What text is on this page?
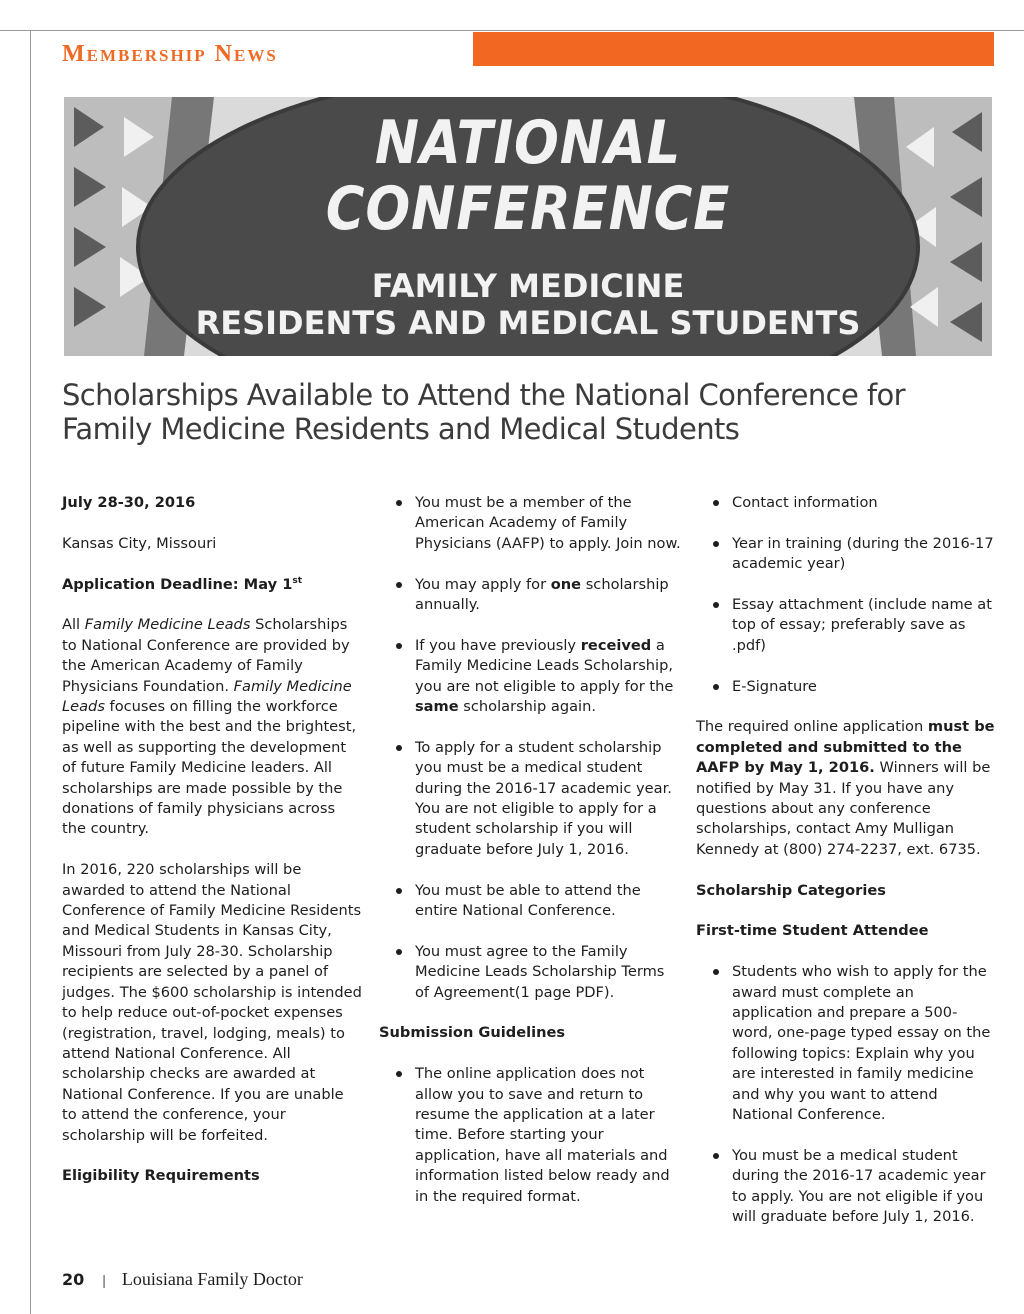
Membership News
NATIONAL
CONFERENCE
FAMILY MEDICINE
RESIDENTS AND MEDICAL STUDENTS
Scholarships Available to Attend the National Conference for Family Medicine Residents and Medical Students

July 28-30, 2016

Kansas City, Missouri

Application Deadline: May 1st

All Family Medicine Leads Scholarships to National Conference are provided by the American Academy of Family Physicians Foundation. Family Medicine Leads focuses on filling the workforce pipeline with the best and the brightest, as well as supporting the development of future Family Medicine leaders. All scholarships are made possible by the donations of family physicians across the country.

In 2016, 220 scholarships will be awarded to attend the National Conference of Family Medicine Residents and Medical Students in Kansas City, Missouri from July 28-30. Scholarship recipients are selected by a panel of judges. The $600 scholarship is intended to help reduce out-of-pocket expenses (registration, travel, lodging, meals) to attend National Conference. All scholarship checks are awarded at National Conference. If you are unable to attend the conference, your scholarship will be forfeited.

Eligibility Requirements

You must be a member of the American Academy of Family Physicians (AAFP) to apply. Join now.
You may apply for one scholarship annually.
If you have previously received a Family Medicine Leads Scholarship, you are not eligible to apply for the same scholarship again.
To apply for a student scholarship you must be a medical student during the 2016-17 academic year. You are not eligible to apply for a student scholarship if you will graduate before July 1, 2016.
You must be able to attend the entire National Conference.
You must agree to the Family Medicine Leads Scholarship Terms of Agreement(1 page PDF).

Submission Guidelines

The online application does not allow you to save and return to resume the application at a later time. Before starting your application, have all materials and information listed below ready and in the required format.
Contact information
Year in training (during the 2016-17 academic year)
Essay attachment (include name at top of essay; preferably save as .pdf)
E-Signature

The required online application must be completed and submitted to the AAFP by May 1, 2016. Winners will be notified by May 31. If you have any questions about any conference scholarships, contact Amy Mulligan Kennedy at (800) 274-2237, ext. 6735.

Scholarship Categories

First-time Student Attendee

Students who wish to apply for the award must complete an application and prepare a 500-word, one-page typed essay on the following topics: Explain why you are interested in family medicine and why you want to attend National Conference.
You must be a medical student during the 2016-17 academic year to apply. You are not eligible if you will graduate before July 1, 2016.
20 | Louisiana Family Doctor
